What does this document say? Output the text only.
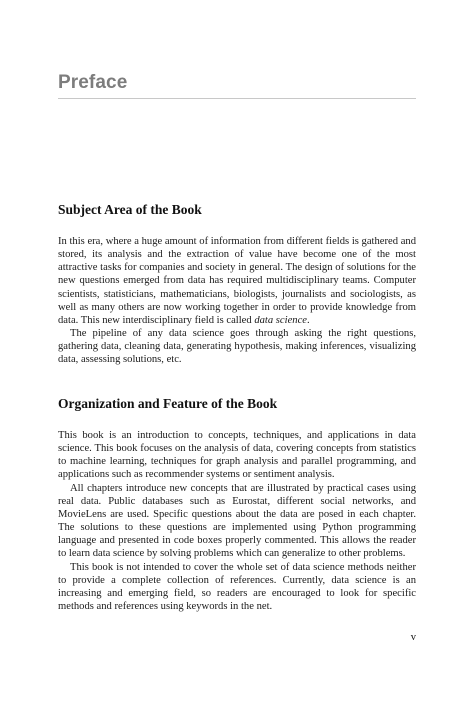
Preface
Subject Area of the Book

In this era, where a huge amount of information from different fields is gathered and stored, its analysis and the extraction of value have become one of the most attractive tasks for companies and society in general. The design of solutions for the new questions emerged from data has required multidisciplinary teams. Computer scientists, statisticians, mathematicians, biologists, journalists and sociologists, as well as many others are now working together in order to provide knowledge from data. This new interdisciplinary field is called data science.

The pipeline of any data science goes through asking the right questions, gathering data, cleaning data, generating hypothesis, making inferences, visualizing data, assessing solutions, etc.

Organization and Feature of the Book

This book is an introduction to concepts, techniques, and applications in data science. This book focuses on the analysis of data, covering concepts from statistics to machine learning, techniques for graph analysis and parallel programming, and applications such as recommender systems or sentiment analysis.

All chapters introduce new concepts that are illustrated by practical cases using real data. Public databases such as Eurostat, different social networks, and MovieLens are used. Specific questions about the data are posed in each chapter. The solutions to these questions are implemented using Python programming language and presented in code boxes properly commented. This allows the reader to learn data science by solving problems which can generalize to other problems.

This book is not intended to cover the whole set of data science methods neither to provide a complete collection of references. Currently, data science is an increasing and emerging field, so readers are encouraged to look for specific methods and references using keywords in the net.

v
